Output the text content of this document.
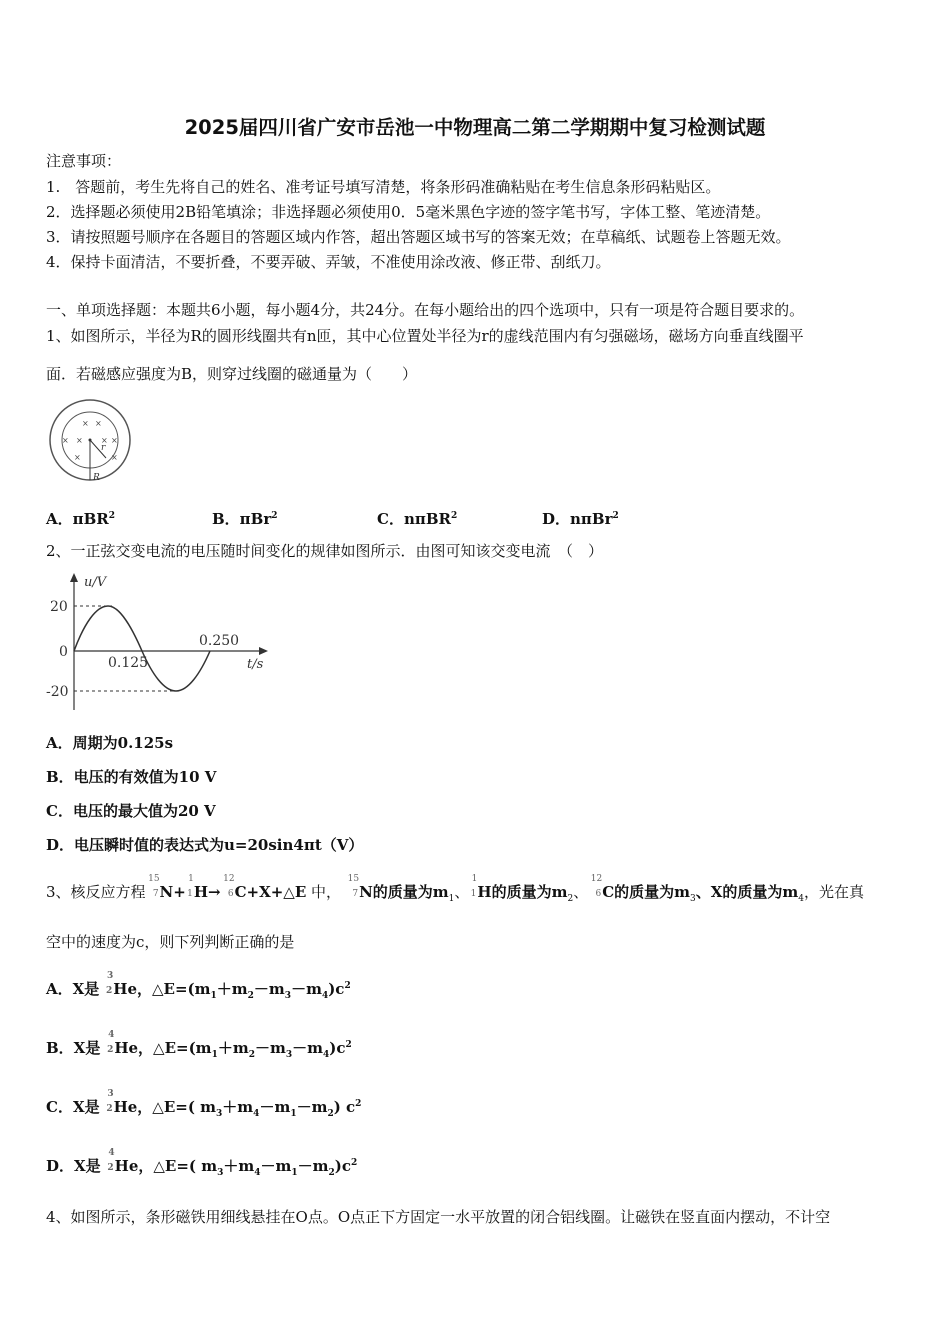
2025届四川省广安市岳池一中物理高二第二学期期中复习检测试题
注意事项：
1.　答题前，考生先将自己的姓名、准考证号填写清楚，将条形码准确粘贴在考生信息条形码粘贴区。
2．选择题必须使用2B铅笔填涂；非选择题必须使用0．5毫米黑色字迹的签字笔书写，字体工整、笔迹清楚。
3．请按照题号顺序在各题目的答题区域内作答，超出答题区域书写的答案无效；在草稿纸、试题卷上答题无效。
4．保持卡面清洁，不要折叠，不要弄破、弄皱，不准使用涂改液、修正带、刮纸刀。
一、单项选择题：本题共6小题，每小题4分，共24分。在每小题给出的四个选项中，只有一项是符合题目要求的。
1、如图所示，半径为R的圆形线圈共有n匝，其中心位置处半径为r的虚线范围内有匀强磁场，磁场方向垂直线圈平
面．若磁感应强度为B，则穿过线圈的磁通量为（　　）
× ×
× × × ×
×	×
r
R
A．πBR$^2$	B．πBr$^2$	C．nπBR$^2$	D．nπBr$^2$
2、一正弦交变电流的电压随时间变化的规律如图所示．由图可知该交变电流　（　）
u/V
t/s
20
0
-20
0.125
0.250
A．周期为0.125s
B．电压的有效值为10 V
C．电压的最大值为20 V
D．电压瞬时值的表达式为u=20sin4πt（V）
3、核反应方程
15
7 N+
1
1 H→
12
6 C+X+△E 中，
15
7 N的质量为$m_1$、
1
1 H的质量为$m_2$、
12
6 C的质量为$m_3$、X的质量为$m_4$，光在真
空中的速度为c，则下列判断正确的是
A．X是
3
2 He，$\triangle E=(m_1+m_2-m_3-m_4)c^2$
B．X是
4
2 He，$\triangle E=(m_1+m_2-m_3-m_4)c^2$
C．X是
3
2 He，△E=( $m_3+m_4-m_1-m_2$) $c^2$
D．X是
4
2 He，△E=( $m_3+m_4-m_1-m_2)c^2$
4、如图所示，条形磁铁用细线悬挂在O点。O点正下方固定一水平放置的闭合铝线圈。让磁铁在竖直面内摆动，不计空
